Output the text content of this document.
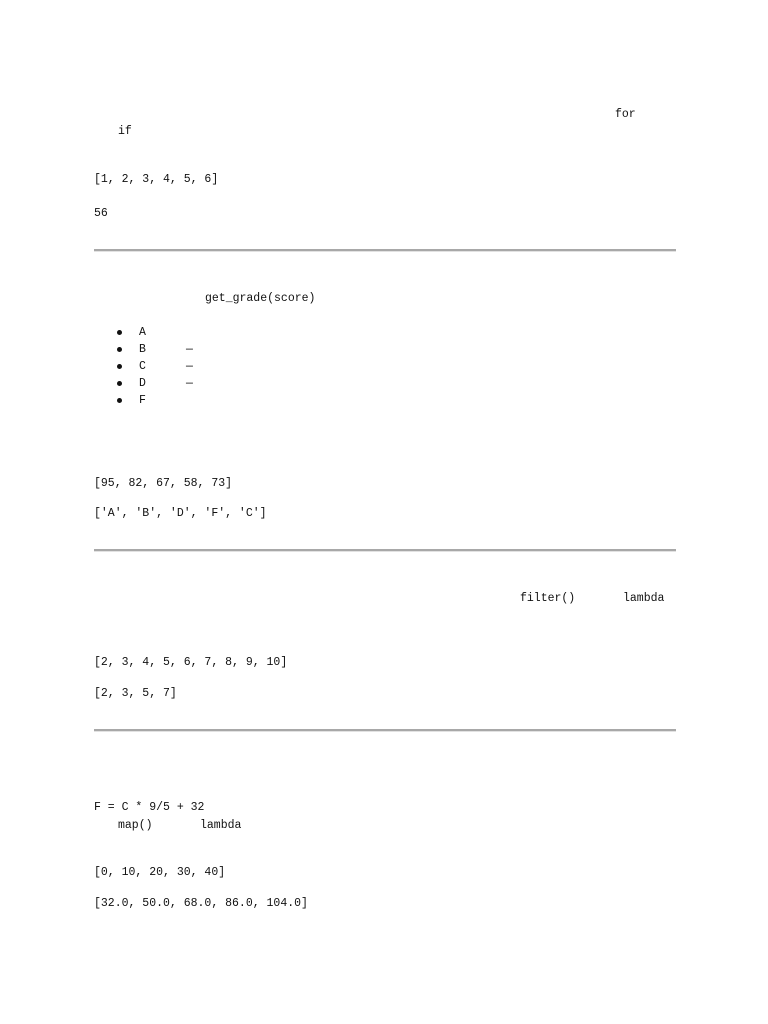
for
if
[1, 2, 3, 4, 5, 6]
56
get_grade(score)
A
B	—
C	—
D	—
F
[95, 82, 67, 58, 73]
['A', 'B', 'D', 'F', 'C']
filter()	lambda
[2, 3, 4, 5, 6, 7, 8, 9, 10]
[2, 3, 5, 7]
F = C * 9/5 + 32
map()	lambda
[0, 10, 20, 30, 40]
[32.0, 50.0, 68.0, 86.0, 104.0]
